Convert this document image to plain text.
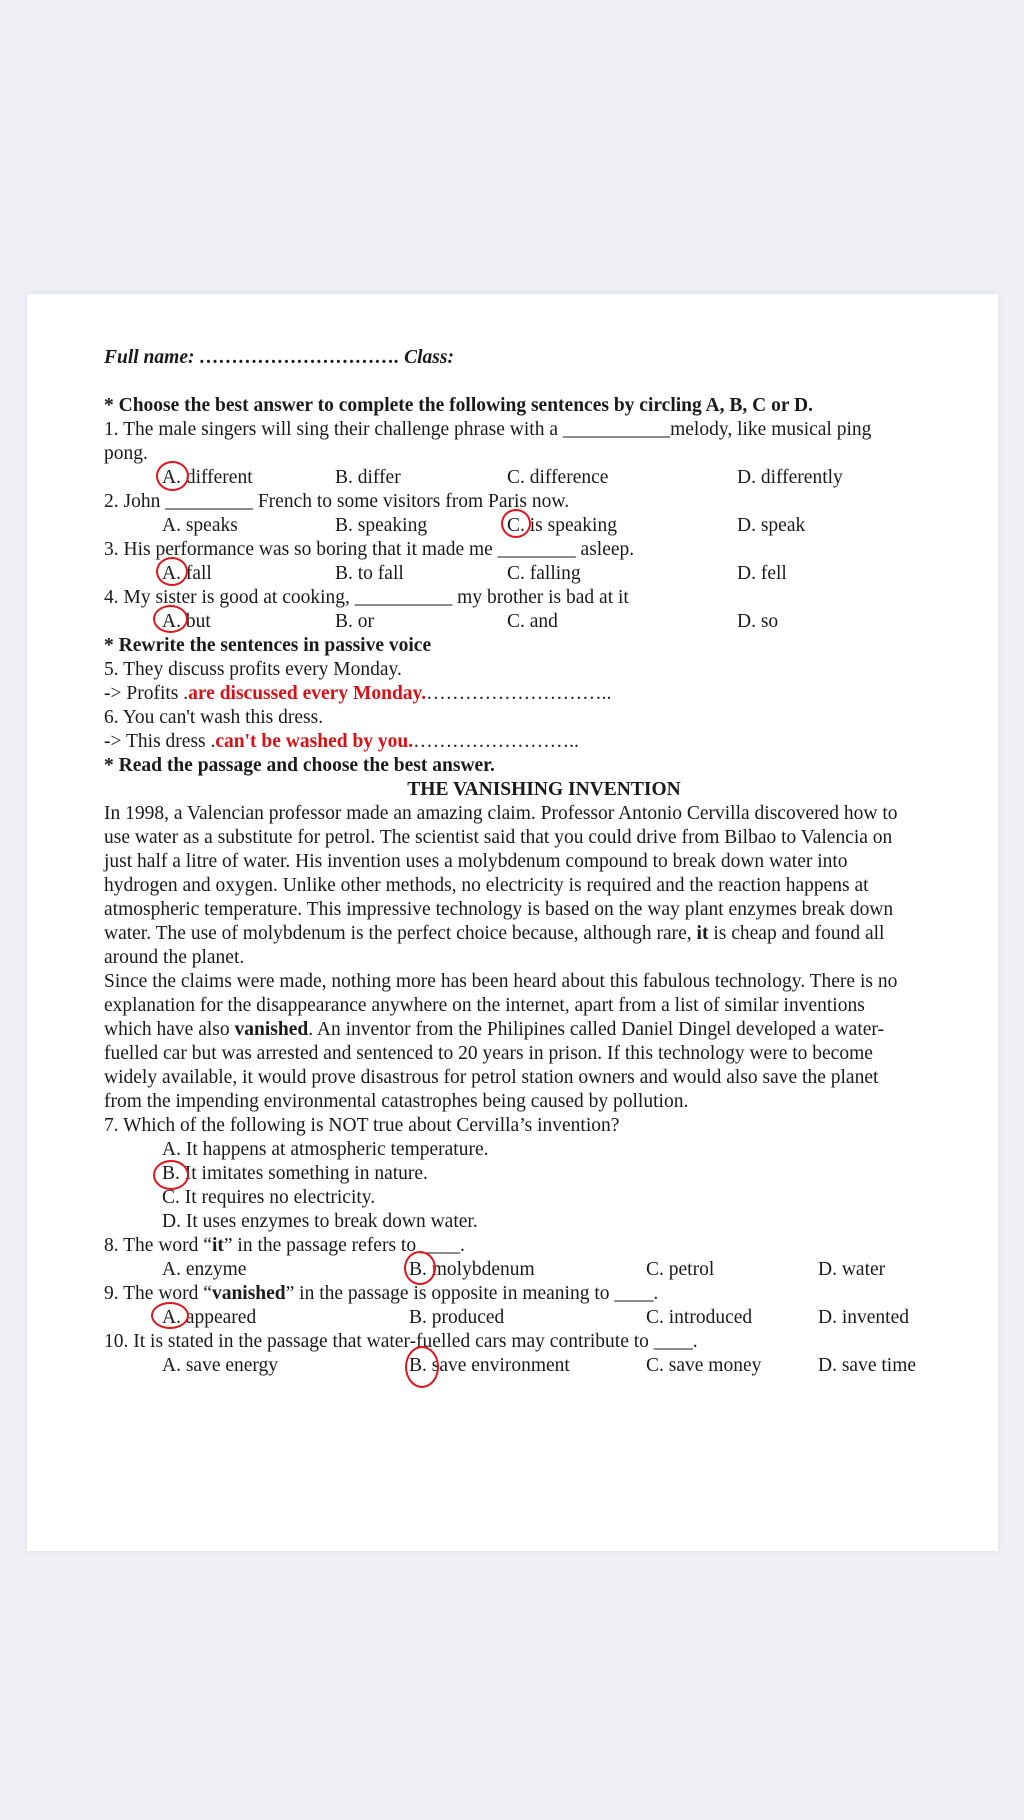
Full name: …………………………. Class:
* Choose the best answer to complete the following sentences by circling A, B, C or D.
1. The male singers will sing their challenge phrase with a ___________melody, like musical ping
pong.
A. different	B. differ	C. difference	D. differently
2. John _________ French to some visitors from Paris now.
A. speaks	B. speaking	C. is speaking	D. speak
3. His performance was so boring that it made me ________ asleep.
A. fall	B. to fall	C. falling	D. fell
4. My sister is good at cooking, __________ my brother is bad at it
A. but	B. or	C. and	D. so
* Rewrite the sentences in passive voice
5. They discuss profits every Monday.
-> Profits .are discussed every Monday.………………………..
6. You can't wash this dress.
-> This dress .can't be washed by you.……………………..
* Read the passage and choose the best answer.
THE VANISHING INVENTION
In 1998, a Valencian professor made an amazing claim. Professor Antonio Cervilla discovered how to
use water as a substitute for petrol. The scientist said that you could drive from Bilbao to Valencia on
just half a litre of water. His invention uses a molybdenum compound to break down water into
hydrogen and oxygen. Unlike other methods, no electricity is required and the reaction happens at
atmospheric temperature. This impressive technology is based on the way plant enzymes break down
water. The use of molybdenum is the perfect choice because, although rare, it is cheap and found all
around the planet.
Since the claims were made, nothing more has been heard about this fabulous technology. There is no
explanation for the disappearance anywhere on the internet, apart from a list of similar inventions
which have also vanished. An inventor from the Philipines called Daniel Dingel developed a water-
fuelled car but was arrested and sentenced to 20 years in prison. If this technology were to become
widely available, it would prove disastrous for petrol station owners and would also save the planet
from the impending environmental catastrophes being caused by pollution.
7. Which of the following is NOT true about Cervilla’s invention?
A. It happens at atmospheric temperature.
B. It imitates something in nature.
C. It requires no electricity.
D. It uses enzymes to break down water.
8. The word “it” in the passage refers to ____.
A. enzyme	B. molybdenum	C. petrol	D. water
9. The word “vanished” in the passage is opposite in meaning to ____.
A. appeared	B. produced	C. introduced	D. invented
10. It is stated in the passage that water-fuelled cars may contribute to ____.
A. save energy	B. save environment	C. save money	D. save time
